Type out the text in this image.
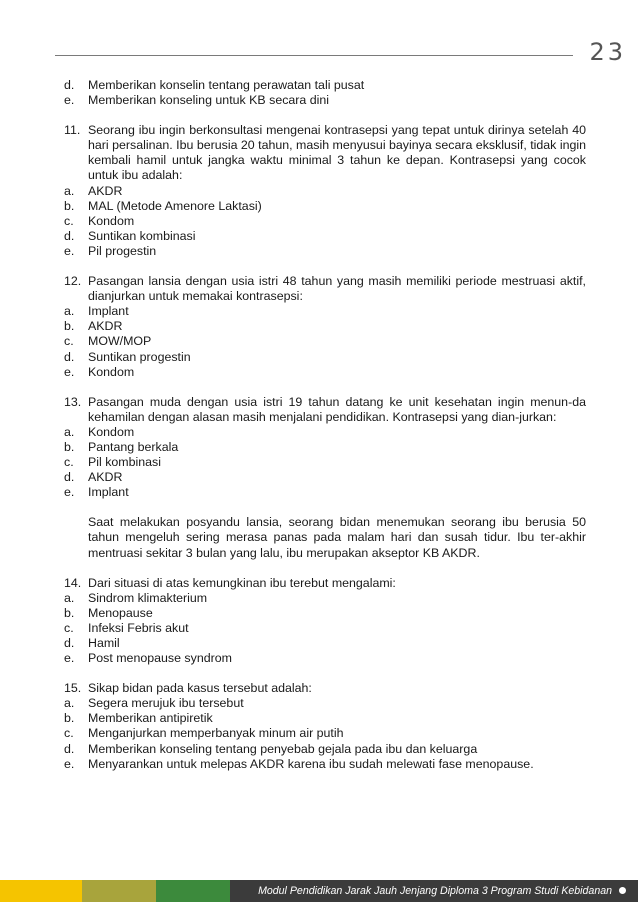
23
d.	Memberikan konselin tentang perawatan tali pusat
e.	Memberikan konseling untuk KB secara dini
11. Seorang ibu ingin berkonsultasi mengenai kontrasepsi yang tepat untuk dirinya setelah 40 hari persalinan. Ibu berusia 20 tahun, masih menyusui bayinya secara eksklusif, tidak ingin kembali hamil untuk jangka waktu minimal 3 tahun ke depan. Kontrasepsi yang cocok untuk ibu adalah:
a.	AKDR
b.	MAL (Metode Amenore Laktasi)
c.	Kondom
d.	Suntikan kombinasi
e.	Pil progestin
12. Pasangan lansia dengan usia istri 48 tahun yang masih memiliki periode mestruasi aktif, dianjurkan untuk memakai kontrasepsi:
a.	Implant
b.	AKDR
c.	MOW/MOP
d.	Suntikan progestin
e.	Kondom
13. Pasangan muda dengan usia istri 19 tahun datang ke unit kesehatan ingin menun-da kehamilan dengan alasan masih menjalani pendidikan. Kontrasepsi yang dian-jurkan:
a.	Kondom
b.	Pantang berkala
c.	Pil kombinasi
d.	AKDR
e.	Implant
Saat melakukan posyandu lansia, seorang bidan menemukan seorang ibu berusia 50 tahun mengeluh sering merasa panas pada malam hari dan susah tidur. Ibu ter-akhir mentruasi sekitar 3 bulan yang lalu, ibu merupakan akseptor KB AKDR.
14. Dari situasi di atas kemungkinan ibu terebut mengalami:
a.	Sindrom klimakterium
b.	Menopause
c.	Infeksi Febris akut
d.	Hamil
e.	Post menopause syndrom
15. Sikap bidan pada kasus tersebut adalah:
a.	Segera merujuk ibu tersebut
b.	Memberikan antipiretik
c.	Menganjurkan memperbanyak minum air putih
d.	Memberikan konseling tentang penyebab gejala pada ibu dan keluarga
e.	Menyarankan untuk melepas AKDR karena ibu sudah melewati fase menopause.
Modul Pendidikan Jarak Jauh Jenjang Diploma 3 Program Studi Kebidanan
